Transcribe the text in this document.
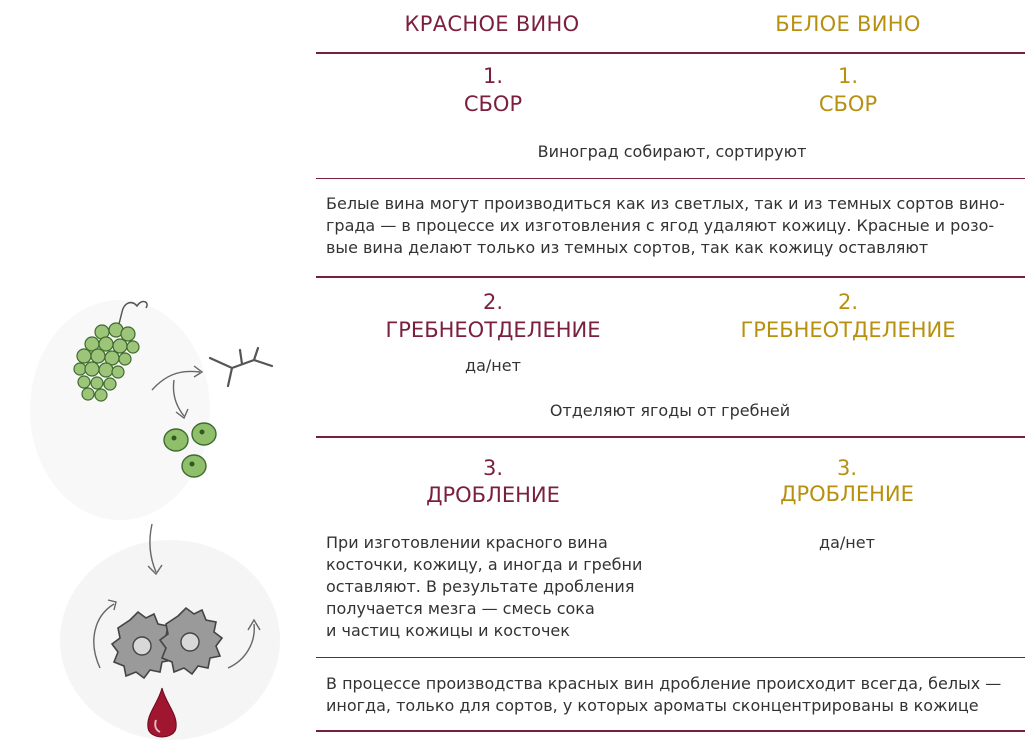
КРАСНОЕ ВИНО	БЕЛОЕ ВИНО
1.
СБОР
1.
СБОР
Виноград собирают, сортируют
Белые вина могут производиться как из светлых, так и из темных сортов вино-
града — в процессе их изготовления с ягод удаляют кожицу. Красные и розо-
вые вина делают только из темных сортов, так как кожицу оставляют
2.
ГРЕБНЕОТДЕЛЕНИЕ
да/нет
2.
ГРЕБНЕОТДЕЛЕНИЕ
Отделяют ягоды от гребней
3.
ДРОБЛЕНИЕ
3.
ДРОБЛЕНИЕ
да/нет
При изготовлении красного вина
косточки, кожицу, а иногда и гребни
оставляют. В результате дробления
получается мезга — смесь сока
и частиц кожицы и косточек
В процессе производства красных вин дробление происходит всегда, белых —
иногда, только для сортов, у которых ароматы сконцентрированы в кожице
